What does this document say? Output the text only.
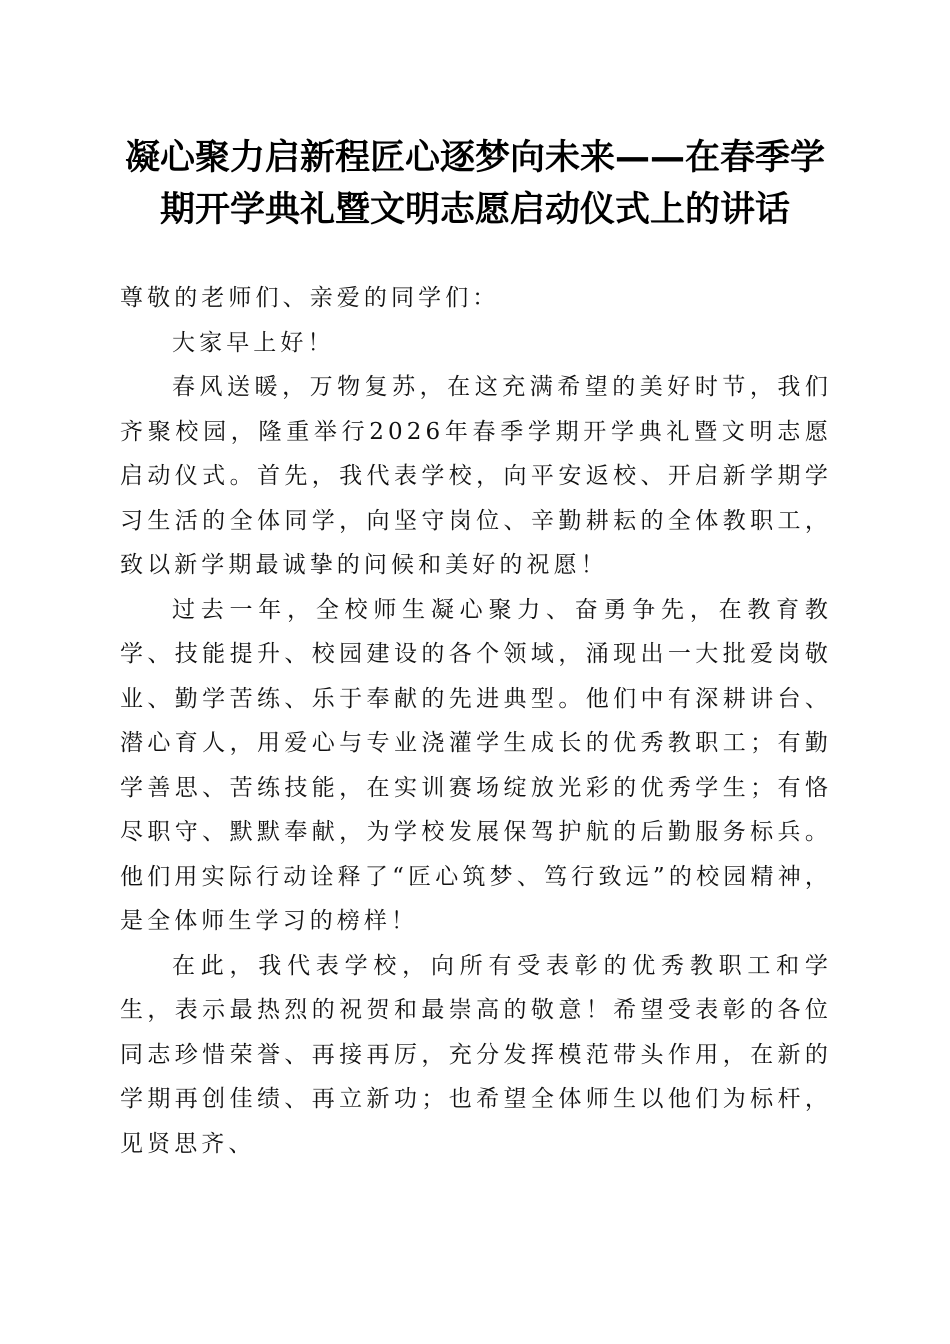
凝心聚力启新程匠心逐梦向未来——在春季学
期开学典礼暨文明志愿启动仪式上的讲话

尊敬的老师们、亲爱的同学们：

大家早上好！

春风送暖，万物复苏，在这充满希望的美好时节，我们齐聚校园，隆重举行2026年春季学期开学典礼暨文明志愿启动仪式。首先，我代表学校，向平安返校、开启新学期学习生活的全体同学，向坚守岗位、辛勤耕耘的全体教职工，致以新学期最诚挚的问候和美好的祝愿！

过去一年，全校师生凝心聚力、奋勇争先，在教育教学、技能提升、校园建设的各个领域，涌现出一大批爱岗敬业、勤学苦练、乐于奉献的先进典型。他们中有深耕讲台、潜心育人，用爱心与专业浇灌学生成长的优秀教职工；有勤学善思、苦练技能，在实训赛场绽放光彩的优秀学生；有恪尽职守、默默奉献，为学校发展保驾护航的后勤服务标兵。他们用实际行动诠释了“匠心筑梦、笃行致远”的校园精神，是全体师生学习的榜样！

在此，我代表学校，向所有受表彰的优秀教职工和学生，表示最热烈的祝贺和最崇高的敬意！希望受表彰的各位同志珍惜荣誉、再接再厉，充分发挥模范带头作用，在新的学期再创佳绩、再立新功；也希望全体师生以他们为标杆，见贤思齐、
